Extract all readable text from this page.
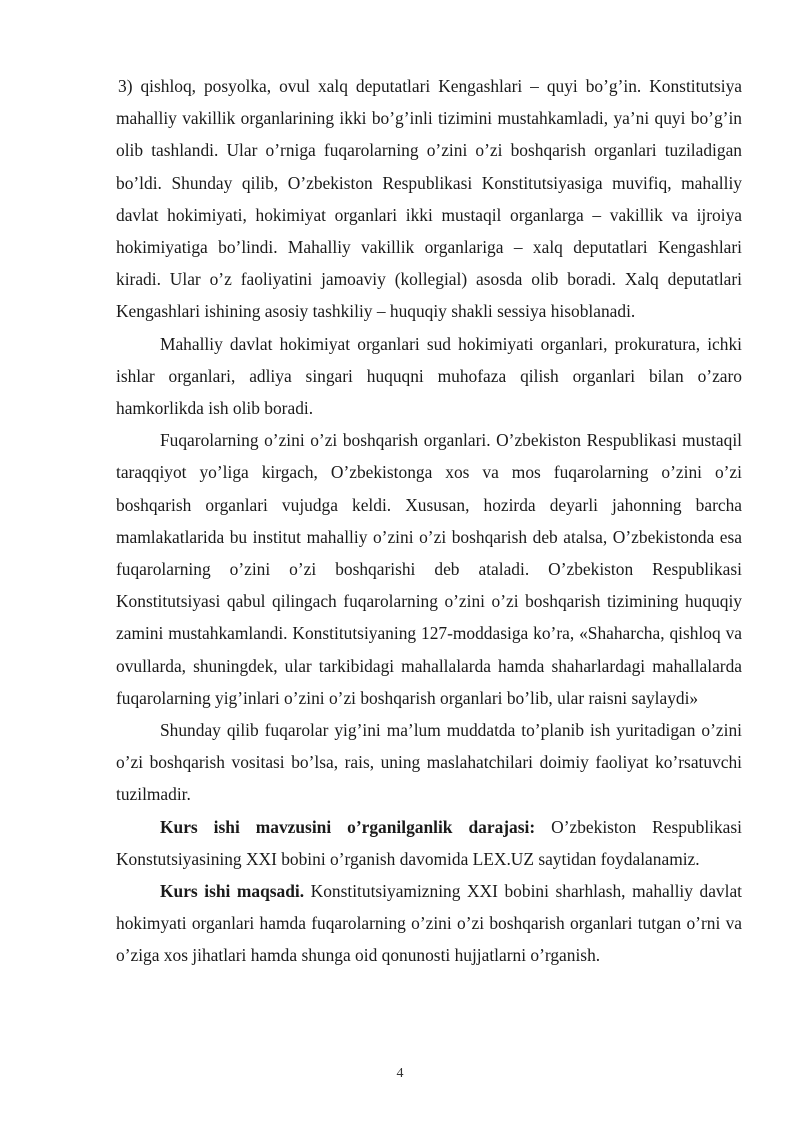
3) qishloq, posyolka, ovul xalq deputatlari Kengashlari – quyi bo’g’in. Konstitutsiya mahalliy vakillik organlarining ikki bo’g’inli tizimini mustahkamladi, ya’ni quyi bo’g’in olib tashlandi. Ular o’rniga fuqarolarning o’zini o’zi boshqarish organlari tuziladigan bo’ldi. Shunday qilib, O’zbekiston Respublikasi Konstitutsiyasiga muvifiq, mahalliy davlat hokimiyati, hokimiyat organlari ikki mustaqil organlarga – vakillik va ijroiya hokimiyatiga bo’lindi. Mahalliy vakillik organlariga – xalq deputatlari Kengashlari kiradi. Ular o’z faoliyatini jamoaviy (kollegial) asosda olib boradi. Xalq deputatlari Kengashlari ishining asosiy tashkiliy – huquqiy shakli sessiya hisoblanadi.

Mahalliy davlat hokimiyat organlari sud hokimiyati organlari, prokuratura, ichki ishlar organlari, adliya singari huquqni muhofaza qilish organlari bilan o’zaro hamkorlikda ish olib boradi.

Fuqarolarning o’zini o’zi boshqarish organlari. O’zbekiston Respublikasi mustaqil taraqqiyot yo’liga kirgach, O’zbekistonga xos va mos fuqarolarning o’zini o’zi boshqarish organlari vujudga keldi. Xususan, hozirda deyarli jahonning barcha mamlakatlarida bu institut mahalliy o’zini o’zi boshqarish deb atalsa, O’zbekistonda esa fuqarolarning o’zini o’zi boshqarishi deb ataladi. O’zbekiston Respublikasi Konstitutsiyasi qabul qilingach fuqarolarning o’zini o’zi boshqarish tizimining huquqiy zamini mustahkamlandi. Konstitutsiyaning 127-moddasiga ko’ra, «Shaharcha, qishloq va ovullarda, shuningdek, ular tarkibidagi mahallalarda hamda shaharlardagi mahallalarda fuqarolarning yig’inlari o’zini o’zi boshqarish organlari bo’lib, ular raisni saylaydi»

Shunday qilib fuqarolar yig’ini ma’lum muddatda to’planib ish yuritadigan o’zini o’zi boshqarish vositasi bo’lsa, rais, uning maslahatchilari doimiy faoliyat ko’rsatuvchi tuzilmadir.

Kurs ishi mavzusini o’rganilganlik darajasi: O’zbekiston Respublikasi Konstutsiyasining XXI bobini o’rganish davomida LEX.UZ saytidan foydalanamiz.

Kurs ishi maqsadi. Konstitutsiyamizning XXI bobini sharhlash, mahalliy davlat hokimyati organlari hamda fuqarolarning o’zini o’zi boshqarish organlari tutgan o’rni va o’ziga xos jihatlari hamda shunga oid qonunosti hujjatlarni o’rganish.

4
